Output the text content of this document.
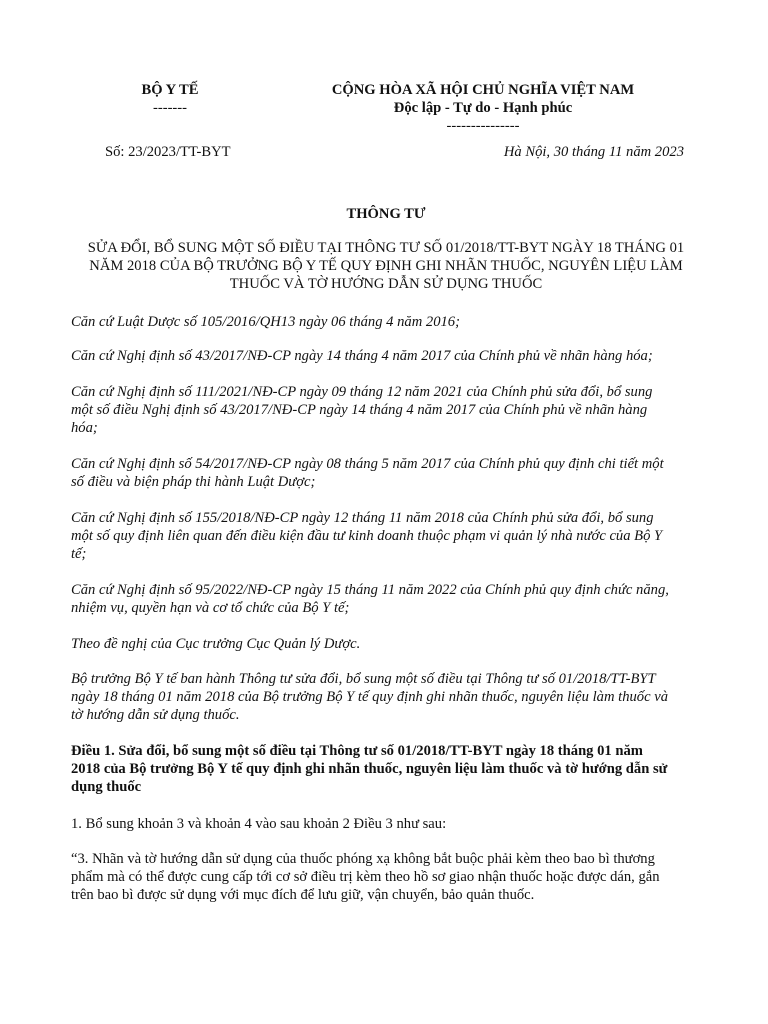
BỘ Y TẾ
-------
CỘNG HÒA XÃ HỘI CHỦ NGHĨA VIỆT NAM
Độc lập - Tự do - Hạnh phúc
---------------
Số: 23/2023/TT-BYT	Hà Nội, 30 tháng 11 năm 2023
THÔNG TƯ
SỬA ĐỔI, BỔ SUNG MỘT SỐ ĐIỀU TẠI THÔNG TƯ SỐ 01/2018/TT-BYT NGÀY 18 THÁNG 01
NĂM 2018 CỦA BỘ TRƯỞNG BỘ Y TẾ QUY ĐỊNH GHI NHÃN THUỐC, NGUYÊN LIỆU LÀM
THUỐC VÀ TỜ HƯỚNG DẪN SỬ DỤNG THUỐC
Căn cứ Luật Dược số 105/2016/QH13 ngày 06 tháng 4 năm 2016;
Căn cứ Nghị định số 43/2017/NĐ-CP ngày 14 tháng 4 năm 2017 của Chính phủ về nhãn hàng hóa;
Căn cứ Nghị định số 111/2021/NĐ-CP ngày 09 tháng 12 năm 2021 của Chính phủ sửa đổi, bổ sung
một số điều Nghị định số 43/2017/NĐ-CP ngày 14 tháng 4 năm 2017 của Chính phủ về nhãn hàng
hóa;
Căn cứ Nghị định số 54/2017/NĐ-CP ngày 08 tháng 5 năm 2017 của Chính phủ quy định chi tiết một
số điều và biện pháp thi hành Luật Dược;
Căn cứ Nghị định số 155/2018/NĐ-CP ngày 12 tháng 11 năm 2018 của Chính phủ sửa đổi, bổ sung
một số quy định liên quan đến điều kiện đầu tư kinh doanh thuộc phạm vi quản lý nhà nước của Bộ Y
tế;
Căn cứ Nghị định số 95/2022/NĐ-CP ngày 15 tháng 11 năm 2022 của Chính phủ quy định chức năng,
nhiệm vụ, quyền hạn và cơ tổ chức của Bộ Y tế;
Theo đề nghị của Cục trưởng Cục Quản lý Dược.
Bộ trưởng Bộ Y tế ban hành Thông tư sửa đổi, bổ sung một số điều tại Thông tư số 01/2018/TT-BYT
ngày 18 tháng 01 năm 2018 của Bộ trưởng Bộ Y tế quy định ghi nhãn thuốc, nguyên liệu làm thuốc và
tờ hướng dẫn sử dụng thuốc.
Điều 1. Sửa đổi, bổ sung một số điều tại Thông tư số 01/2018/TT-BYT ngày 18 tháng 01 năm
2018 của Bộ trưởng Bộ Y tế quy định ghi nhãn thuốc, nguyên liệu làm thuốc và tờ hướng dẫn sử
dụng thuốc
1. Bổ sung khoản 3 và khoản 4 vào sau khoản 2 Điều 3 như sau:
“3. Nhãn và tờ hướng dẫn sử dụng của thuốc phóng xạ không bắt buộc phải kèm theo bao bì thương
phẩm mà có thể được cung cấp tới cơ sở điều trị kèm theo hồ sơ giao nhận thuốc hoặc được dán, gắn
trên bao bì được sử dụng với mục đích để lưu giữ, vận chuyển, bảo quản thuốc.
